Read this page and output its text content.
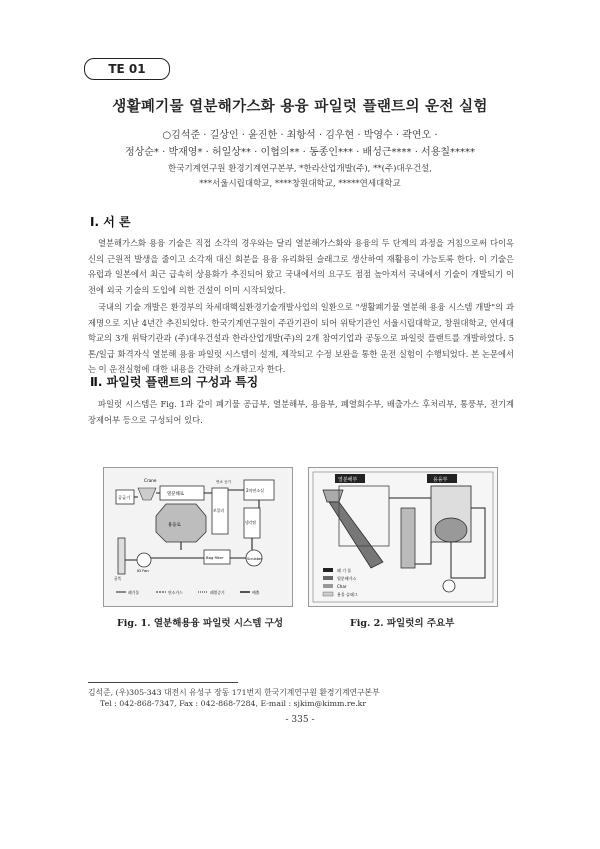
TE 01
생활폐기물 열분해가스화 용융 파일럿 플랜트의 운전 실험
○김석준 · 길상인 · 윤진한 · 최항석 · 김우현 · 박영수 · 곽연오 ·
정상순* · 박재영* · 허일상** · 이협의** · 동종인*** · 배성근**** · 서용칠*****
한국기계연구원 환경기계연구본부, *한라산업개발(주), **(주)대우건설,
***서울시립대학교, ****창원대학교, *****연세대학교
Ⅰ. 서 론
열분해가스화 용융 기술은 직접 소각의 경우와는 달리 열분해가스화와 용융의 두 단계의 과정을 거침으로써 다이옥신의 근원적 발생을 줄이고 소각재 대신 회분을 용융 유리화된 슬래그로 생산하여 재활용이 가능토록 한다. 이 기술은 유럽과 일본에서 최근 급속히 상용화가 추진되어 왔고 국내에서의 요구도 점점 높아져서 국내에서 기술이 개발되기 이전에 외국 기술의 도입에 의한 건설이 이미 시작되었다.
국내의 기술 개발은 환경부의 차세대핵심환경기술개발사업의 일환으로 "생활폐기물 열분해 용융 시스템 개발"의 과제명으로 지난 4년간 추진되었다. 한국기계연구원이 주관기관이 되어 위탁기관인 서울시립대학교, 창원대학교, 연세대학교의 3개 위탁기관과 (주)대우건설과 한라산업개발(주)의 2개 참여기업과 공동으로 파일럿 플랜트를 개발하였다. 5톤/일급 화격자식 열분해 용융 파일럿 시스템이 설계, 제작되고 수정 보완을 통한 운전 실험이 수행되었다. 본 논문에서는 이 운전실험에 대한 내용을 간략히 소개하고자 한다.
Ⅱ. 파일럿 플랜트의 구성과 특징
파일럿 시스템은 Fig. 1과 같이 폐기물 공급부, 열분해부, 용융부, 폐열회수부, 배출가스 후처리부, 통풍부, 전기계장제어부 등으로 구성되어 있다.
공급기
Crane
열분해로
용융로
보일러
2차연소실
연소 공기
냉각탑
Bag filter	Scrubber
ID Fan
굴뚝
폐기물	연소가스	폐열증기	배출
열분해부	용융부
폐 기 물
열분해가스
Char
용융 슬래그
Fig. 1. 열분해용융 파일럿 시스템 구성	Fig. 2. 파일럿의 주요부
김석준, (우)305-343 대전시 유성구 장동 171번지 한국기계연구원 환경기계연구본부
Tel : 042-868-7347, Fax : 042-868-7284, E-mail : sjkim@kimm.re.kr
- 335 -
